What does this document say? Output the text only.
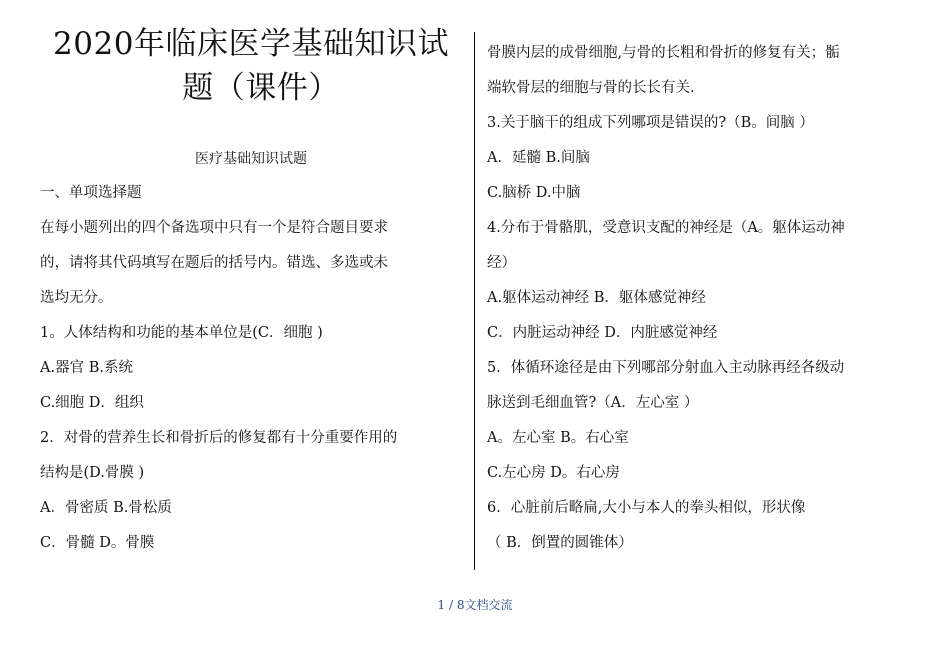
2020年临床医学基础知识试
题（课件）
医疗基础知识试题
一、单项选择题
在每小题列出的四个备选项中只有一个是符合题目要求
的，请将其代码填写在题后的括号内。错选、多选或未
选均无分。
1。人体结构和功能的基本单位是(C．细胞 )
A.器官 B.系统
C.细胞 D．组织
2．对骨的营养生长和骨折后的修复都有十分重要作用的
结构是(D.骨膜 )
A．骨密质 B.骨松质
C．骨髓 D。骨膜
骨膜内层的成骨细胞,与骨的长粗和骨折的修复有关；骺
端软骨层的细胞与骨的长长有关.
3.关于脑干的组成下列哪项是错误的?（B。间脑 ）
A．延髓 B.间脑
C.脑桥 D.中脑
4.分布于骨骼肌，受意识支配的神经是（A。躯体运动神
经）
A.躯体运动神经 B．躯体感觉神经
C．内脏运动神经 D．内脏感觉神经
5．体循环途径是由下列哪部分射血入主动脉再经各级动
脉送到毛细血管?（A．左心室 ）
A。左心室 B。右心室
C.左心房 D。右心房
6．心脏前后略扁,大小与本人的拳头相似，形状像
（ B．倒置的圆锥体）
1 / 8文档交流
